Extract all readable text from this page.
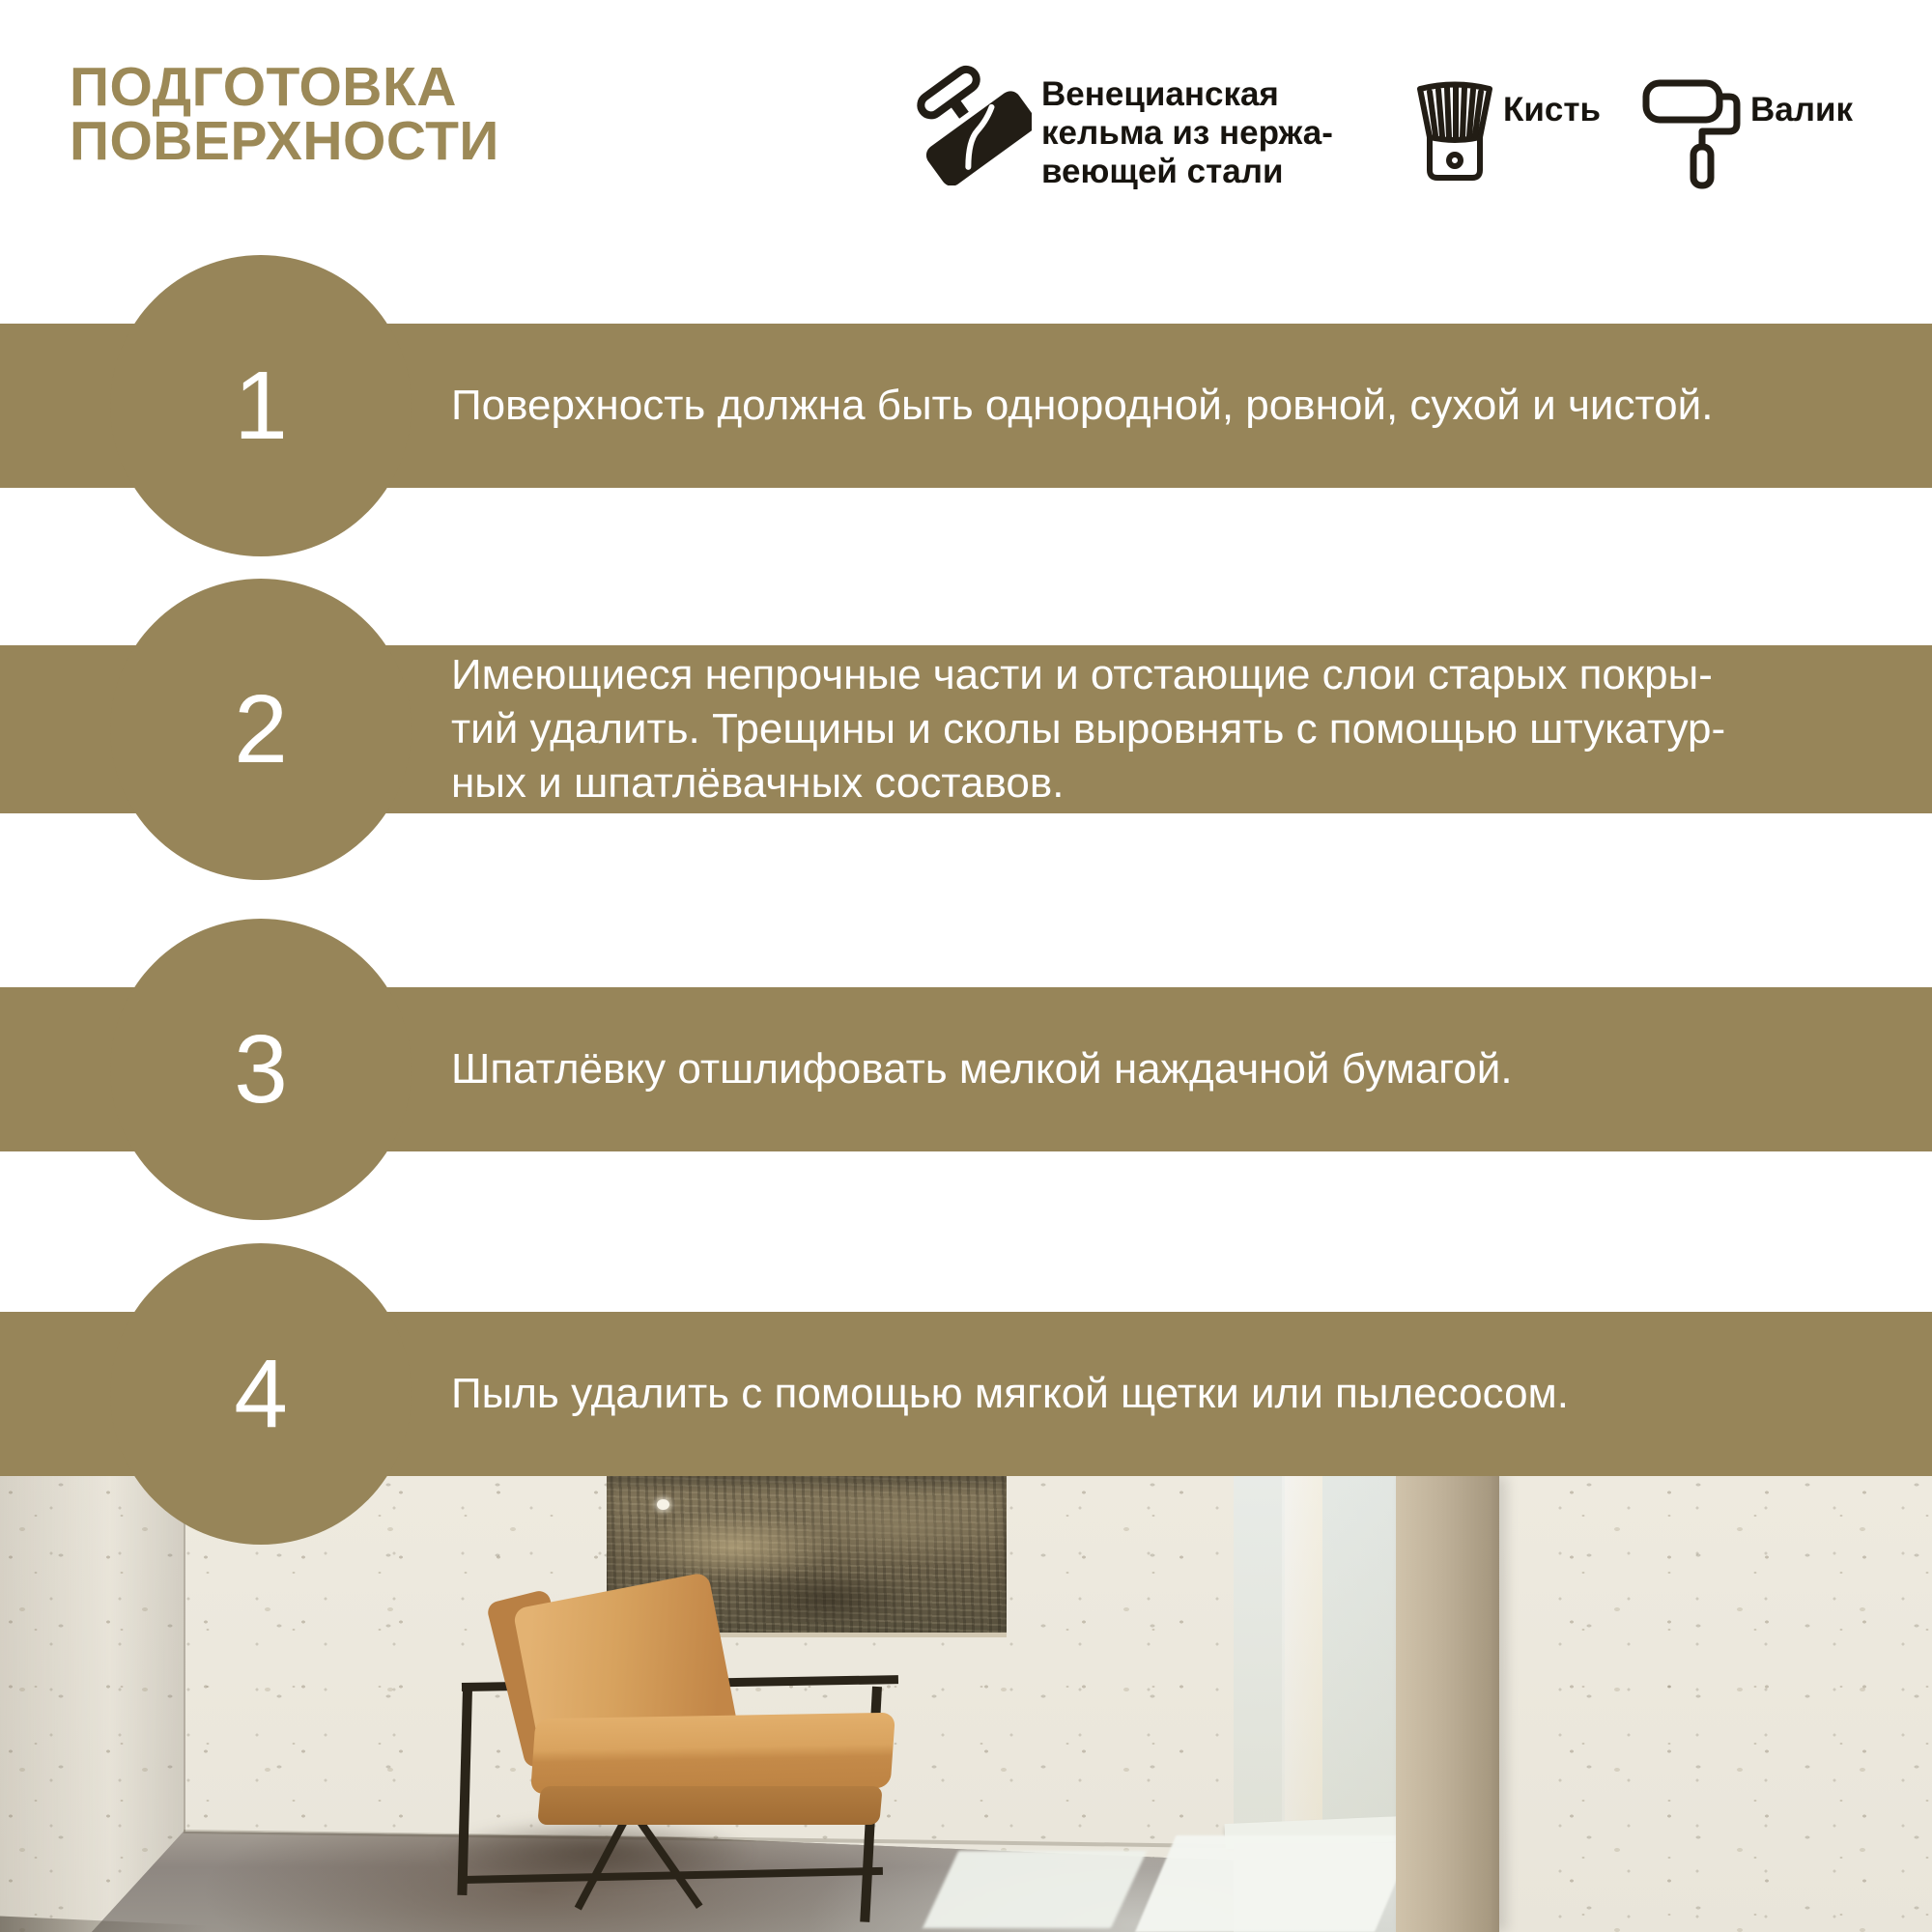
ПОДГОТОВКА
ПОВЕРХНОСТИ
Венецианская
кельма из нержа-
веющей стали
Кисть	Валик
1	Поверхность должна быть однородной, ровной, сухой и чистой.
2
Имеющиеся непрочные части и отстающие слои старых покры-
тий удалить. Трещины и сколы выровнять с помощью штукатур-
ных и шпатлёвачных составов.
3	Шпатлёвку отшлифовать мелкой наждачной бумагой.
4	Пыль удалить с помощью мягкой щетки или пылесосом.
